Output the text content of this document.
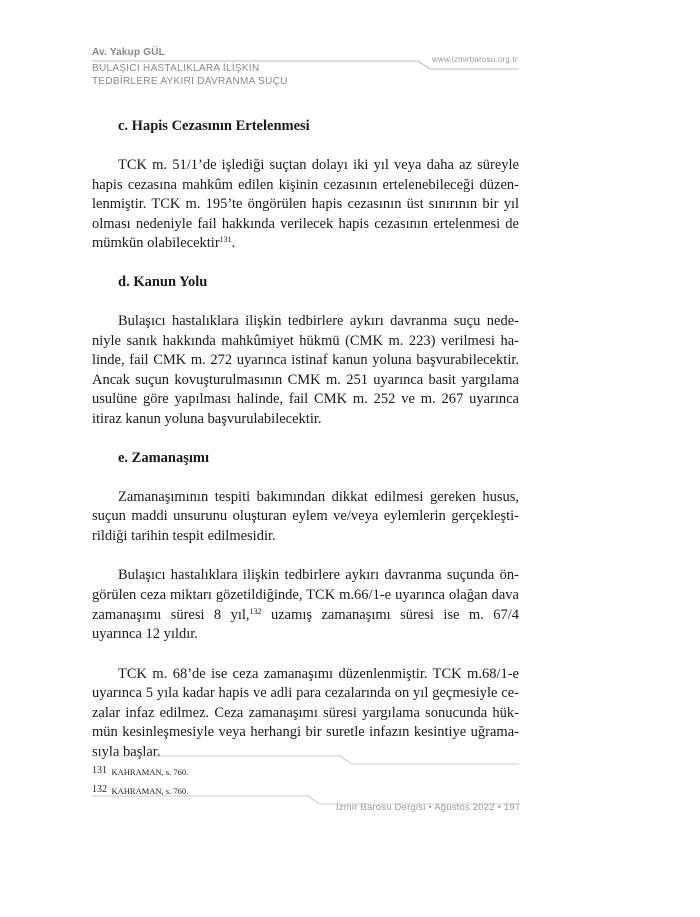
Av. Yakup GÜL
BULAŞICI HASTALIKLARA İLİŞKİN
TEDBİRLERE AYKIRI DAVRANMA SUÇU
www.izmirbarosu.org.tr
c. Hapis Cezasının Ertelenmesi

TCK m. 51/1’de işlediği suçtan dolayı iki yıl veya daha az süreyle hapis cezasına mahkûm edilen kişinin cezasının ertelenebileceği düzenlenmiştir. TCK m. 195’te öngörülen hapis cezasının üst sınırının bir yıl olması nedeniyle fail hakkında verilecek hapis cezasının ertelenmesi de mümkün olabilecektir$^{131}$.

d. Kanun Yolu

Bulaşıcı hastalıklara ilişkin tedbirlere aykırı davranma suçu nedeniyle sanık hakkında mahkûmiyet hükmü (CMK m. 223) verilmesi halinde, fail CMK m. 272 uyarınca istinaf kanun yoluna başvurabilecektir. Ancak suçun kovuşturulmasının CMK m. 251 uyarınca basit yargılama usulüne göre yapılması halinde, fail CMK m. 252 ve m. 267 uyarınca itiraz kanun yoluna başvurulabilecektir.

e. Zamanaşımı

Zamanaşımının tespiti bakımından dikkat edilmesi gereken husus, suçun maddi unsurunu oluşturan eylem ve/veya eylemlerin gerçekleştirildiği tarihin tespit edilmesidir.

Bulaşıcı hastalıklara ilişkin tedbirlere aykırı davranma suçunda öngörülen ceza miktarı gözetildiğinde, TCK m.66/1-e uyarınca olağan dava zamanaşımı süresi 8 yıl,$^{132}$ uzamış zamanaşımı süresi ise m. 67/4 uyarınca 12 yıldır.

TCK m. 68’de ise ceza zamanaşımı düzenlenmiştir. TCK m.68/1-e uyarınca 5 yıla kadar hapis ve adli para cezalarında on yıl geçmesiyle cezalar infaz edilmez. Ceza zamanaşımı süresi yargılama sonucunda hükmün kesinleşmesiyle veya herhangi bir suretle infazın kesintiye uğramasıyla başlar.

131 KAHRAMAN, s. 760.
132 KAHRAMAN, s. 760.
İzmir Barosu Dergisi • Ağustos 2022 • 197
